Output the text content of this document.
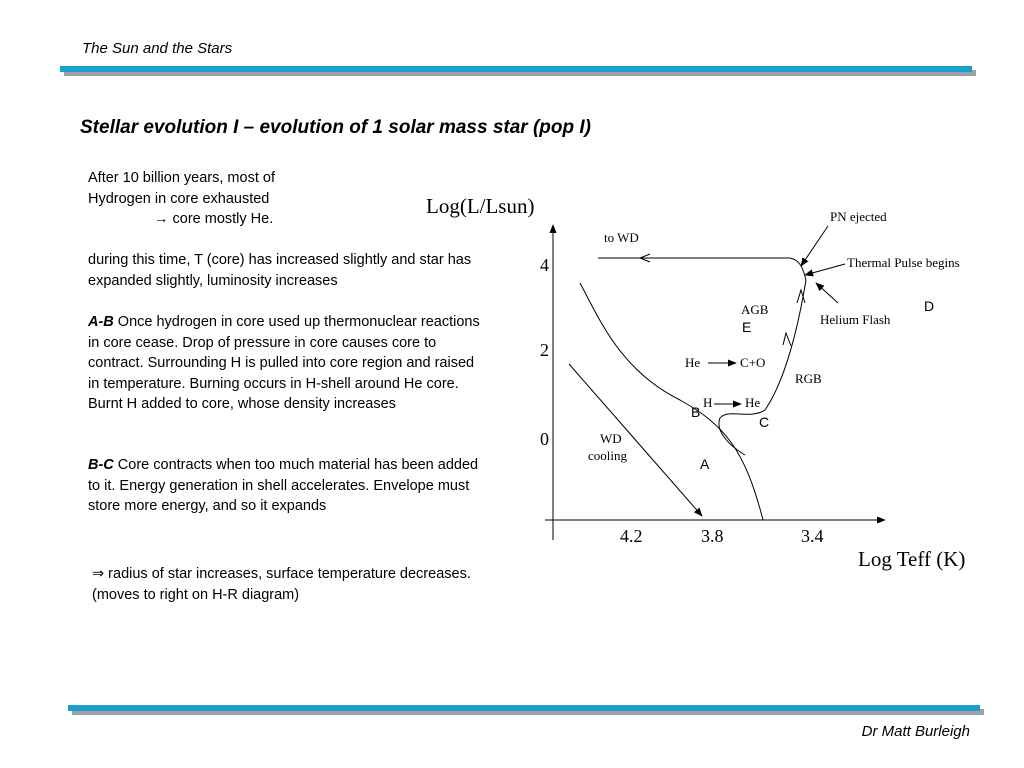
The Sun and the Stars
Stellar evolution I – evolution of 1 solar mass star (pop I)

After 10 billion years, most of

Hydrogen in core exhausted

→ core mostly He.

during this time, T (core) has increased slightly and star has expanded slightly, luminosity increases

A-B Once hydrogen in core used up thermonuclear reactions in core cease. Drop of pressure in core causes core to contract. Surrounding H is pulled into core region and raised in temperature. Burning occurs in H-shell around He core. Burnt H added to core, whose density increases

B-C Core contracts when too much material has been added to it. Energy generation in shell accelerates. Envelope must store more energy, and so it expands

⇒ radius of star increases, surface temperature decreases. (moves to right on H-R diagram)

Log(L/Lsun)
Log Teff (K)
4
2
0
4.2	3.8	3.4
to WD
PN ejected
Thermal Pulse begins
Helium Flash
AGB
RGB
WD
cooling
He	C+O
H	He
A
B
C
D
E
Dr Matt Burleigh
